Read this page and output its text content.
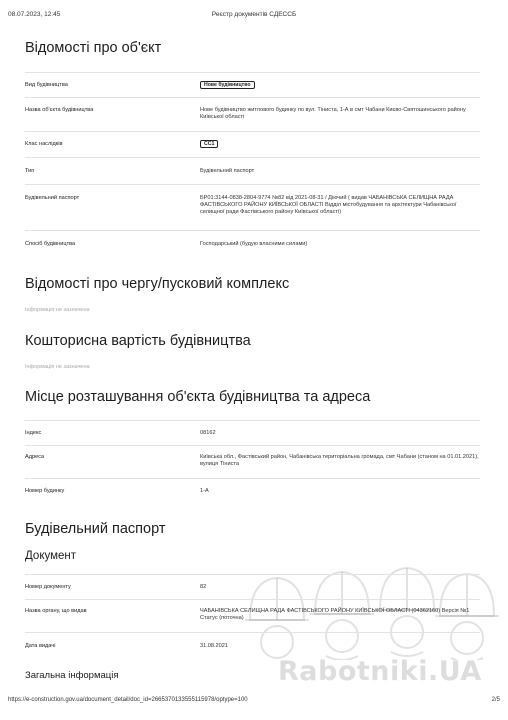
08.07.2023, 12:45	Реєстр документів СДЕССБ
Відомості про об'єкт
Вид будівництва	Нове будівництво
Назва об'єкта будівництва	Нове будівництво житлового будинку по вул. Тіниста, 1-А в смт Чабани Києво-Святошинського району Київської області
Клас наслідків	СС1
Тип	Будівельний паспорт
Будівельний паспорт	БР01:3144-0838-2804-9774 №82 від 2021-08-31 / Діючий ( видав ЧАБАНІВСЬКА СЕЛИЩНА РАДА ФАСТІВСЬКОГО РАЙОНУ КИЇВСЬКОЇ ОБЛАСТІ Відділ містобудування та архітектури Чабанівської селищної ради Фастівського району Київської області)
Спосіб будівництва	Господарський (будую власними силами)
Відомості про чергу/пусковий комплекс
Інформація не зазначена
Кошторисна вартість будівництва
Інформація не зазначена
Місце розташування об'єкта будівництва та адреса
Індекс	08162
Адреса	Київська обл., Фастівський район, Чабанівська територіальна громада, смт Чабани (станом на 01.01.2021), вулиця Тіниста
Номер будинку	1-А
Будівельний паспорт
Документ
Номер документу	82
Назва органу, що видав	ЧАБАНІВСЬКА СЕЛИЩНА РАДА ФАСТІВСЬКОГО РАЙОНУ КИЇВСЬКОЇ ОБЛАСТІ (04362160) Версія №1 Статус (поточна)
Дата видачі	31.08.2021
Загальна інформація	Rabotniki.UA
https://e-construction.gov.ua/document_detail/doc_id=2665370133555115978/optype=100	2/5
